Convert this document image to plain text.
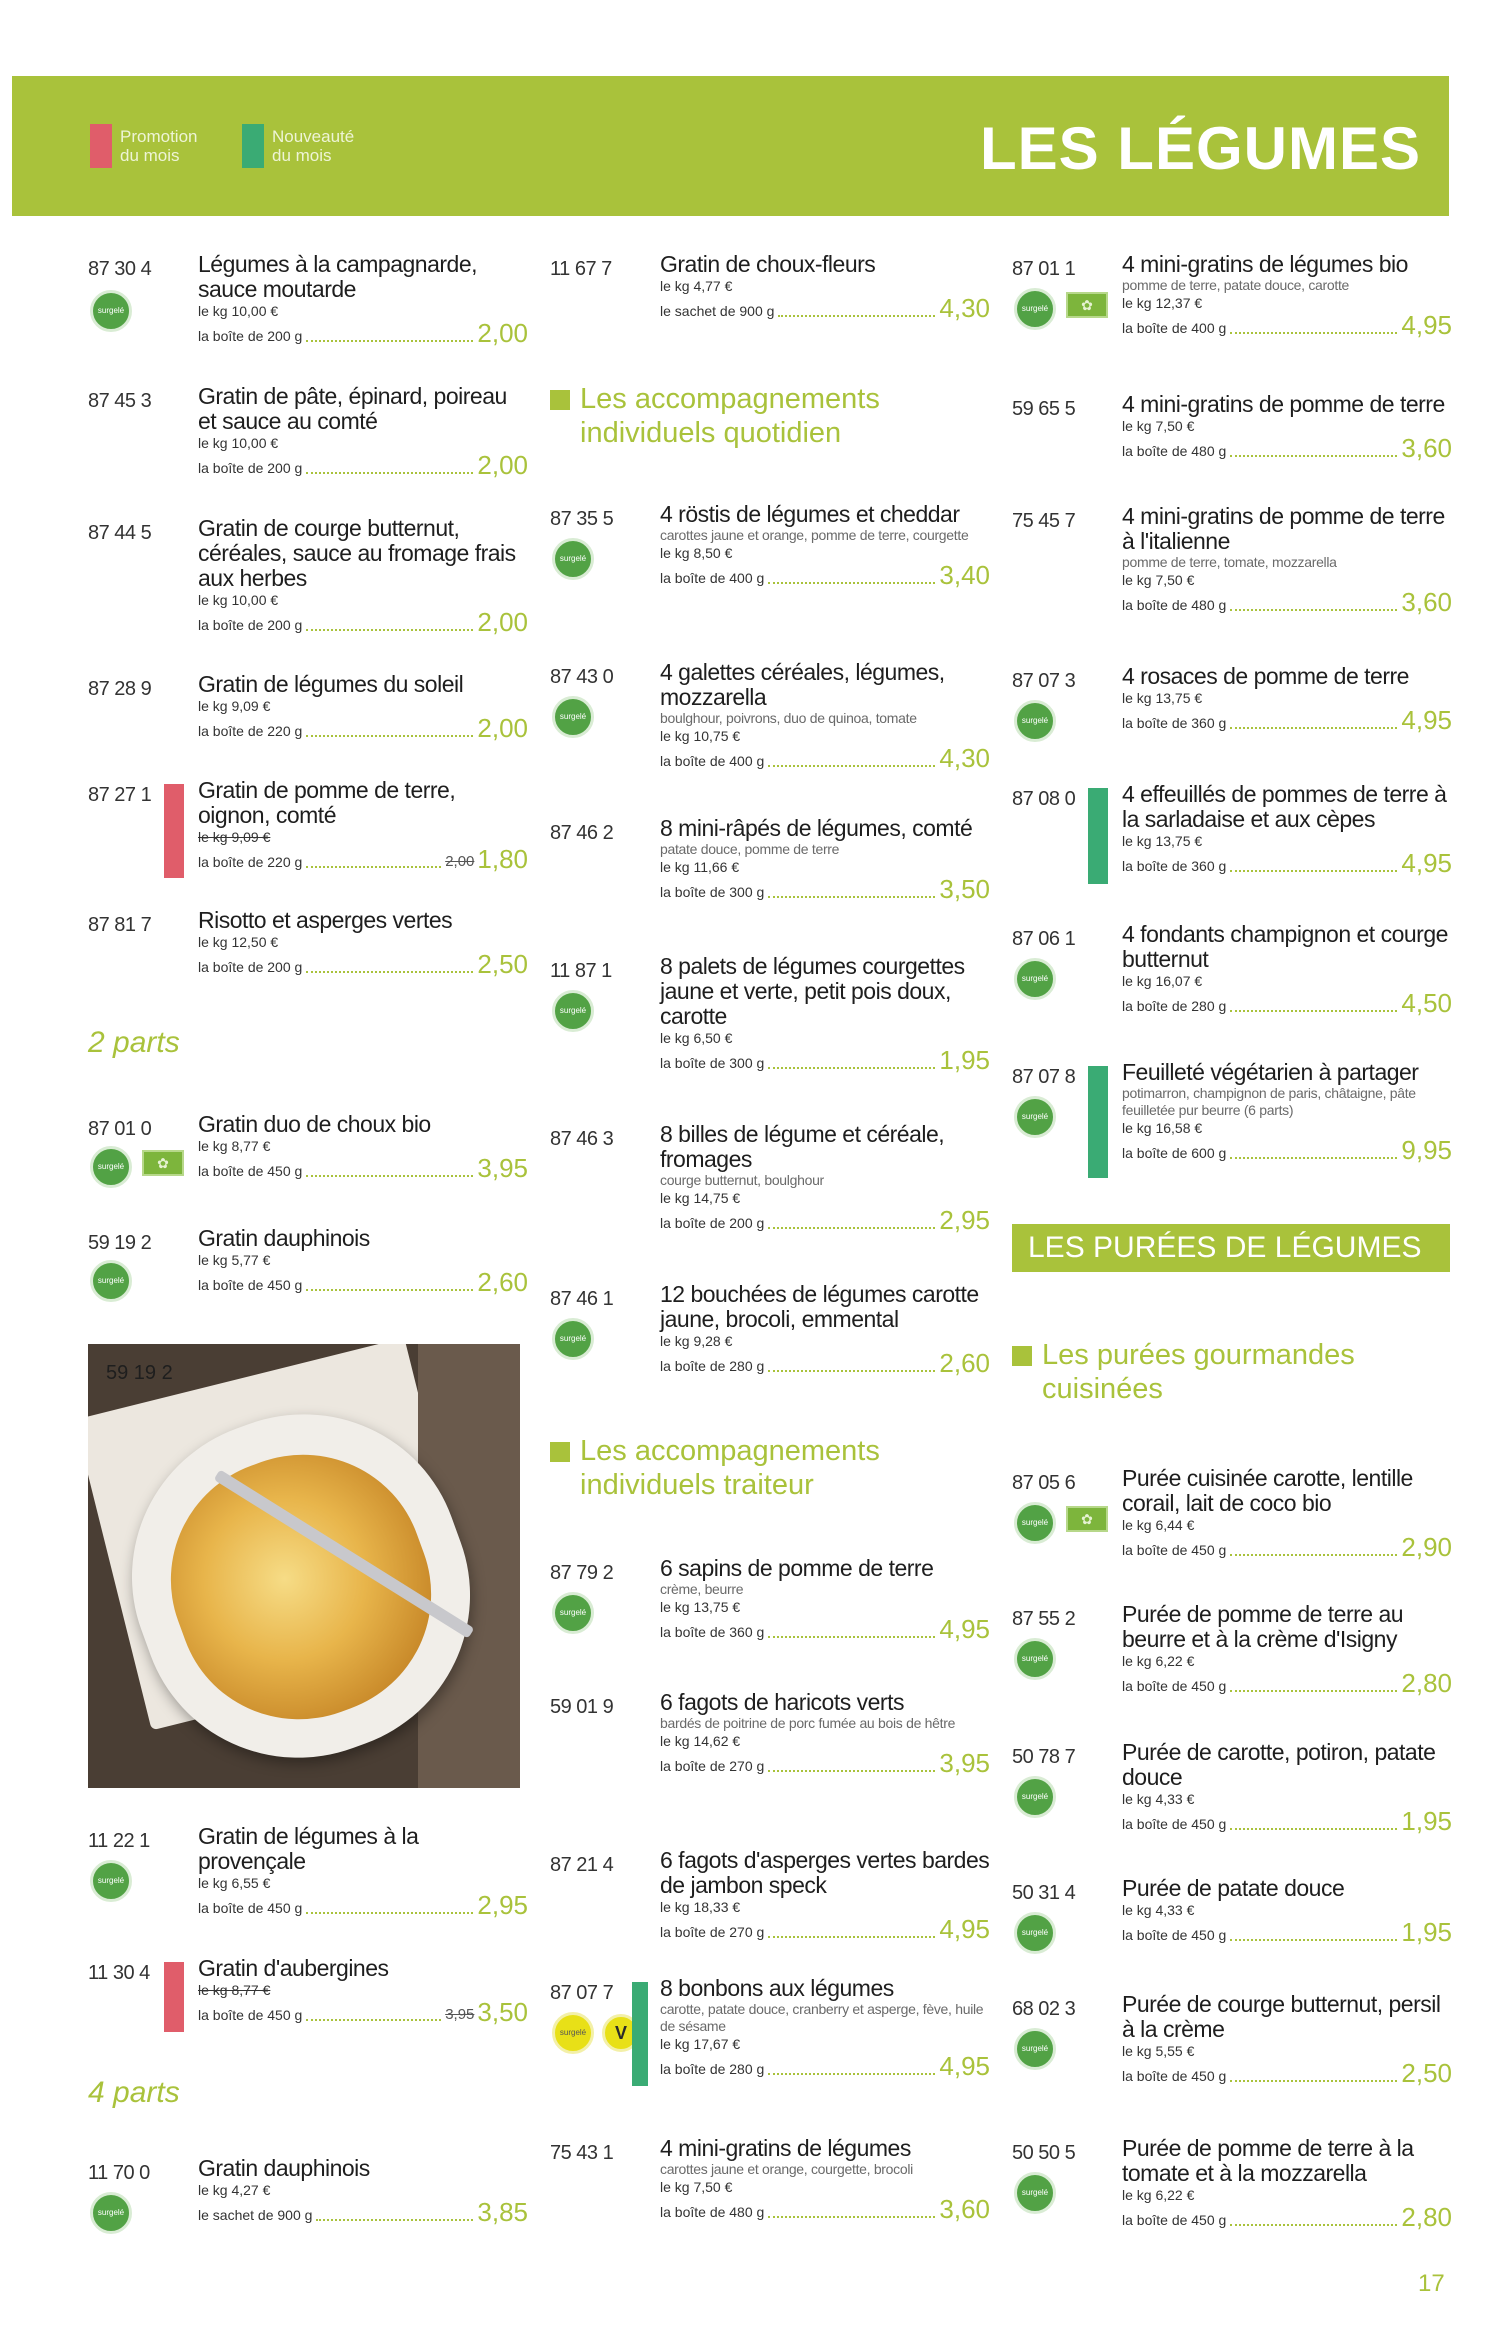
Promotion du mois
Nouveauté du mois	LES LÉGUMES
87 30 4
surgelé
Légumes à la campagnarde, sauce moutarde
le kg 10,00 €
la boîte de 200 g	2,00
87 45 3	Gratin de pâte, épinard, poireau et sauce au comté
le kg 10,00 €
la boîte de 200 g	2,00
87 44 5	Gratin de courge butternut, céréales, sauce au fromage frais aux herbes
le kg 10,00 €
la boîte de 200 g	2,00
87 28 9	Gratin de légumes du soleil
le kg 9,09 €
la boîte de 220 g	2,00
87 27 1	Gratin de pomme de terre, oignon, comté
le kg 9,09 €
la boîte de 220 g	2,00 1,80
87 81 7	Risotto et asperges vertes
le kg 12,50 €
la boîte de 200 g	2,50
2 parts
87 01 0
surgelé	✿
Gratin duo de choux bio
le kg 8,77 €
la boîte de 450 g	3,95
59 19 2
surgelé
Gratin dauphinois
le kg 5,77 €
la boîte de 450 g	2,60
59 19 2
11 22 1
surgelé
Gratin de légumes à la provençale
le kg 6,55 €
la boîte de 450 g	2,95
11 30 4	Gratin d'aubergines
le kg 8,77 €
la boîte de 450 g	3,95 3,50
4 parts
11 70 0
surgelé
Gratin dauphinois
le kg 4,27 €
le sachet de 900 g	3,85
11 67 7	Gratin de choux-fleurs
le kg 4,77 €
le sachet de 900 g	4,30
Les accompagnements individuels quotidien
87 35 5
surgelé
4 röstis de légumes et cheddar
carottes jaune et orange, pomme de terre, courgette
le kg 8,50 €
la boîte de 400 g	3,40
87 43 0
surgelé
4 galettes céréales, légumes, mozzarella
boulghour, poivrons, duo de quinoa, tomate
le kg 10,75 €
la boîte de 400 g	4,30
87 46 2	8 mini-râpés de légumes, comté
patate douce, pomme de terre
le kg 11,66 €
la boîte de 300 g	3,50
11 87 1
surgelé
8 palets de légumes courgettes jaune et verte, petit pois doux, carotte
le kg 6,50 €
la boîte de 300 g	1,95
87 46 3	8 billes de légume et céréale, fromages
courge butternut, boulghour
le kg 14,75 €
la boîte de 200 g	2,95
87 46 1
surgelé
12 bouchées de légumes carotte jaune, brocoli, emmental
le kg 9,28 €
la boîte de 280 g	2,60
Les accompagnements individuels traiteur
87 79 2
surgelé
6 sapins de pomme de terre
crème, beurre
le kg 13,75 €
la boîte de 360 g	4,95
59 01 9	6 fagots de haricots verts
bardés de poitrine de porc fumée au bois de hêtre
le kg 14,62 €
la boîte de 270 g	3,95
87 21 4	6 fagots d'asperges vertes bardes de jambon speck
le kg 18,33 €
la boîte de 270 g	4,95
87 07 7
surgelé	V
8 bonbons aux légumes
carotte, patate douce, cranberry et asperge, fève, huile de sésame
le kg 17,67 €
la boîte de 280 g	4,95
75 43 1	4 mini-gratins de légumes
carottes jaune et orange, courgette, brocoli
le kg 7,50 €
la boîte de 480 g	3,60
87 01 1
surgelé	✿
4 mini-gratins de légumes bio
pomme de terre, patate douce, carotte
le kg 12,37 €
la boîte de 400 g	4,95
59 65 5	4 mini-gratins de pomme de terre
le kg 7,50 €
la boîte de 480 g	3,60
75 45 7	4 mini-gratins de pomme de terre à l'italienne
pomme de terre, tomate, mozzarella
le kg 7,50 €
la boîte de 480 g	3,60
87 07 3
surgelé
4 rosaces de pomme de terre
le kg 13,75 €
la boîte de 360 g	4,95
87 08 0	4 effeuillés de pommes de terre à la sarladaise et aux cèpes
le kg 13,75 €
la boîte de 360 g	4,95
87 06 1
surgelé
4 fondants champignon et courge butternut
le kg 16,07 €
la boîte de 280 g	4,50
87 07 8
surgelé
Feuilleté végétarien à partager
potimarron, champignon de paris, châtaigne, pâte feuilletée pur beurre (6 parts)
le kg 16,58 €
la boîte de 600 g	9,95
LES PURÉES DE LÉGUMES
Les purées gourmandes cuisinées
87 05 6
surgelé	✿
Purée cuisinée carotte, lentille corail, lait de coco bio
le kg 6,44 €
la boîte de 450 g	2,90
87 55 2
surgelé
Purée de pomme de terre au beurre et à la crème d'Isigny
le kg 6,22 €
la boîte de 450 g	2,80
50 78 7
surgelé
Purée de carotte, potiron, patate douce
le kg 4,33 €
la boîte de 450 g	1,95
50 31 4
surgelé
Purée de patate douce
le kg 4,33 €
la boîte de 450 g	1,95
68 02 3
surgelé
Purée de courge butternut, persil à la crème
le kg 5,55 €
la boîte de 450 g	2,50
50 50 5
surgelé
Purée de pomme de terre à la tomate et à la mozzarella
le kg 6,22 €
la boîte de 450 g	2,80
17
